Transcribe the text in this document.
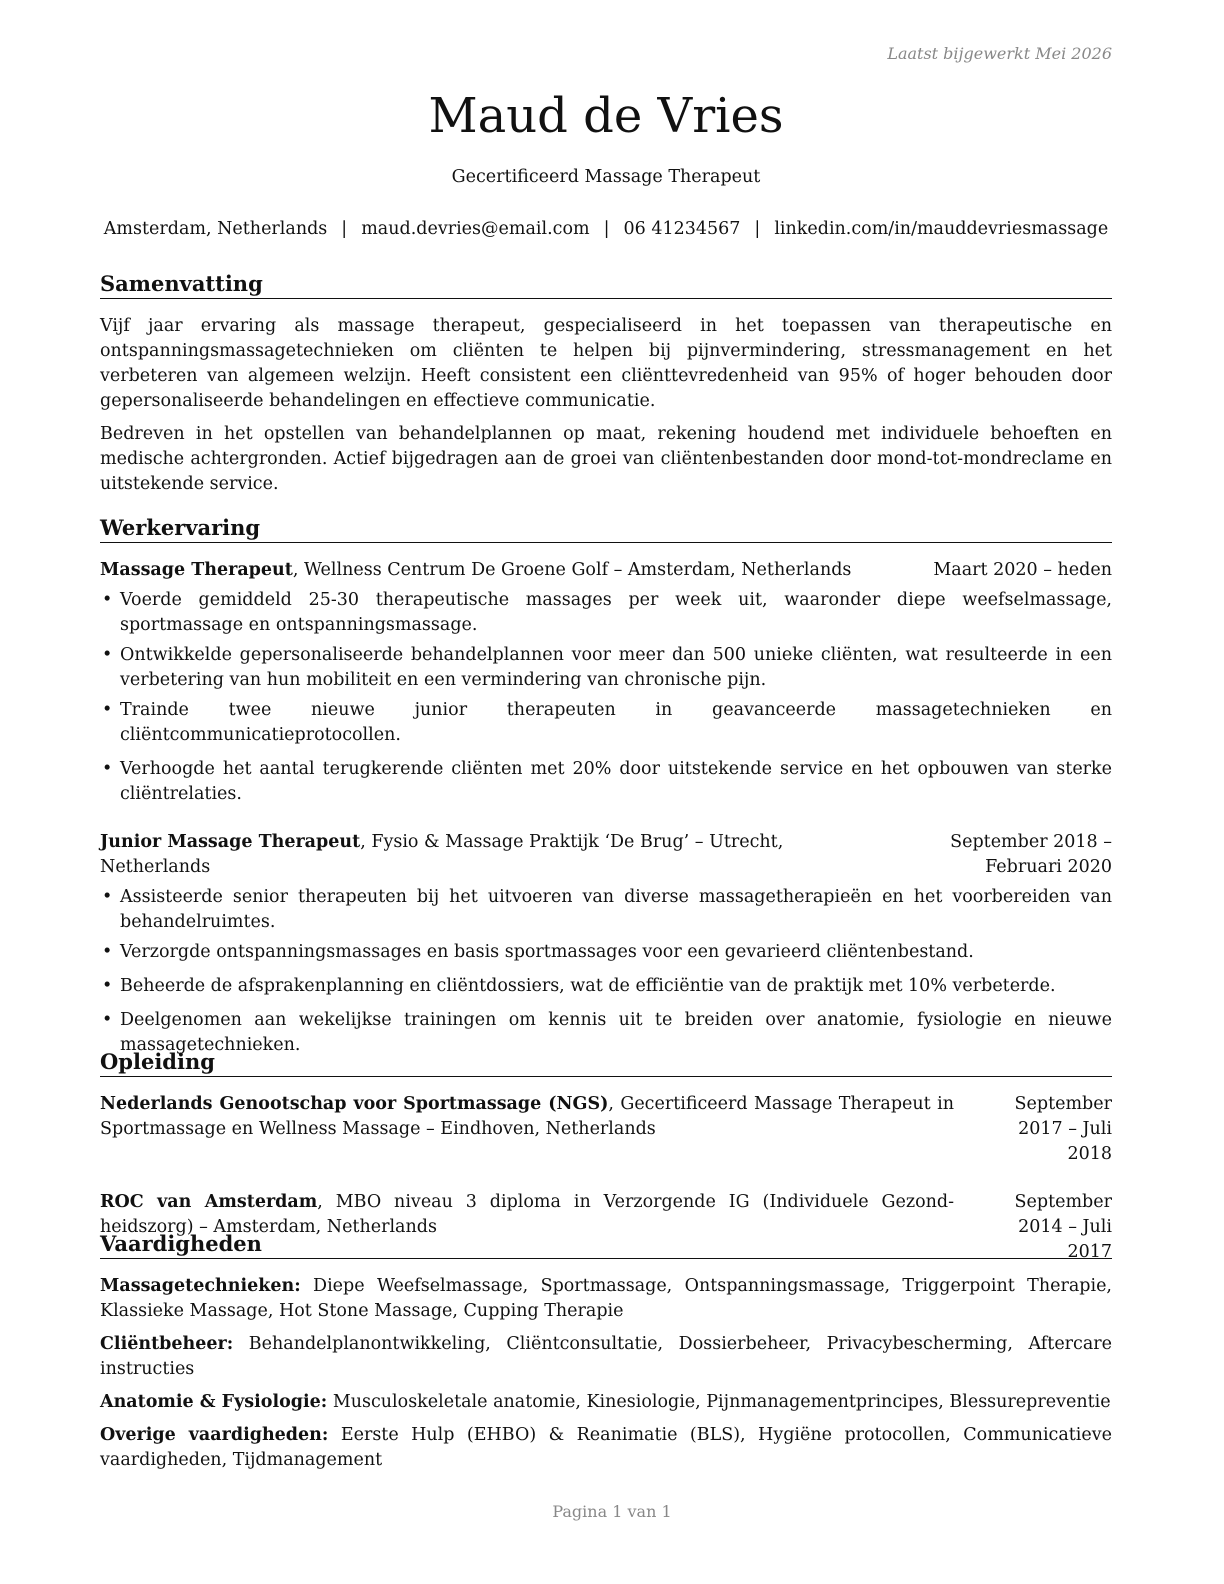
Laatst bijgewerkt Mei 2026
Maud de Vries
Gecertificeerd Massage Therapeut
Amsterdam, Netherlands | maud.devries@email.com | 06 41234567 | linkedin.com/in/mauddevriesmassage
Samenvatting

Vijf jaar ervaring als massage therapeut, gespecialiseerd in het toepassen van therapeutische en ontspanningsmassagetechnieken om cliënten te helpen bij pijnvermindering, stressmanagement en het verbeteren van algemeen welzijn. Heeft consistent een cliënttevredenheid van 95% of hoger behouden door gepersonaliseerde behandelingen en effectieve communicatie.

Bedreven in het opstellen van behandelplannen op maat, rekening houdend met individuele behoeften en medische achtergronden. Actief bijgedragen aan de groei van cliëntenbestanden door mond-tot-mondreclame en uitstekende service.

Werkervaring
Massage Therapeut, Wellness Centrum De Groene Golf – Amsterdam, Netherlands	Maart 2020 – heden
• Voerde gemiddeld 25-30 therapeutische massages per week uit, waaronder diepe weefselmassage, sportmassage en ontspanningsmassage.
• Ontwikkelde gepersonaliseerde behandelplannen voor meer dan 500 unieke cliënten, wat resulteerde in een verbetering van hun mobiliteit en een vermindering van chronische pijn.
• Trainde twee nieuwe junior therapeuten in geavanceerde massagetechnieken en cliëntcommunicatieprotocollen.
• Verhoogde het aantal terugkerende cliënten met 20% door uitstekende service en het opbouwen van sterke cliëntrelaties.
Junior Massage Therapeut, Fysio & Massage Praktijk ‘De Brug’ – Utrecht, Netherlands
September 2018 – Februari 2020
• Assisteerde senior therapeuten bij het uitvoeren van diverse massagetherapieën en het voorbereiden van behandelruimtes.
• Verzorgde ontspanningsmassages en basis sportmassages voor een gevarieerd cliëntenbestand.
• Beheerde de afsprakenplanning en cliëntdossiers, wat de efficiëntie van de praktijk met 10% verbeterde.
• Deelgenomen aan wekelijkse trainingen om kennis uit te breiden over anatomie, fysiologie en nieuwe massagetechnieken.
Opleiding
Nederlands Genootschap voor Sportmassage (NGS), Gecertificeerd Massage Therapeut in Sportmassage en Wellness Massage – Eindhoven, Netherlands
September 2017 – Juli 2018
ROC van Amsterdam, MBO niveau 3 diploma in Verzorgende IG (Individuele Gezondheidszorg) – Amsterdam, Netherlands
September 2014 – Juli 2017
Vaardigheden
Massagetechnieken: Diepe Weefselmassage, Sportmassage, Ontspanningsmassage, Triggerpoint Therapie, Klassieke Massage, Hot Stone Massage, Cupping Therapie
Cliëntbeheer: Behandelplanontwikkeling, Cliëntconsultatie, Dossierbeheer, Privacybescherming, Aftercare instructies
Anatomie & Fysiologie: Musculoskeletale anatomie, Kinesiologie, Pijnmanagementprincipes, Blessurepreventie
Overige vaardigheden: Eerste Hulp (EHBO) & Reanimatie (BLS), Hygiëne protocollen, Communicatieve vaardigheden, Tijdmanagement
Pagina 1 van 1
